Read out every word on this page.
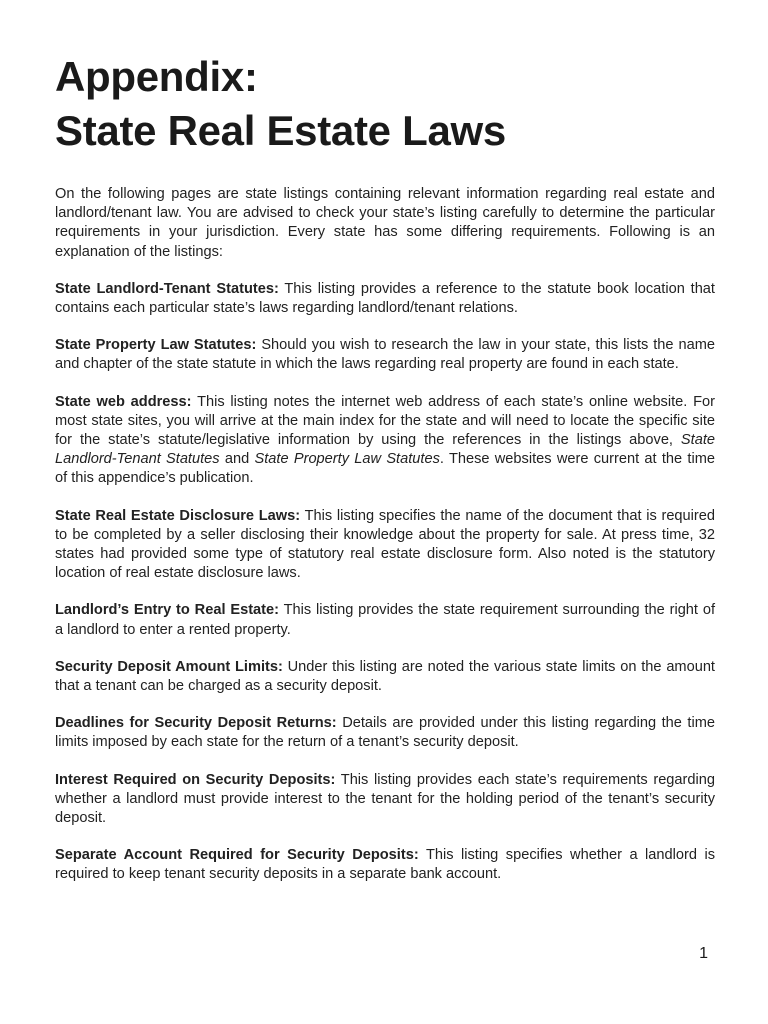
Appendix:
State Real Estate Laws

On the following pages are state listings containing relevant information regarding real estate and landlord/tenant law. You are advised to check your state’s listing carefully to determine the particular requirements in your jurisdiction. Every state has some differing requirements. Following is an explanation of the listings:

State Landlord-Tenant Statutes: This listing provides a reference to the statute book location that contains each particular state’s laws regarding landlord/tenant relations.

State Property Law Statutes: Should you wish to research the law in your state, this lists the name and chapter of the state statute in which the laws regarding real property are found in each state.

State web address: This listing notes the internet web address of each state’s online website. For most state sites, you will arrive at the main index for the state and will need to locate the specific site for the state’s statute/legislative information by using the references in the listings above, State Landlord-Tenant Statutes and State Property Law Statutes. These websites were current at the time of this appendice’s publication.

State Real Estate Disclosure Laws: This listing specifies the name of the document that is required to be completed by a seller disclosing their knowledge about the property for sale. At press time, 32 states had provided some type of statutory real estate disclosure form. Also noted is the statutory location of real estate disclosure laws.

Landlord’s Entry to Real Estate: This listing provides the state requirement surrounding the right of a landlord to enter a rented property.

Security Deposit Amount Limits: Under this listing are noted the various state limits on the amount that a tenant can be charged as a security deposit.

Deadlines for Security Deposit Returns: Details are provided under this listing regarding the time limits imposed by each state for the return of a tenant’s security deposit.

Interest Required on Security Deposits: This listing provides each state’s requirements regarding whether a landlord must provide interest to the tenant for the holding period of the tenant’s security deposit.

Separate Account Required for Security Deposits: This listing specifies whether a landlord is required to keep tenant security deposits in a separate bank account.

1
